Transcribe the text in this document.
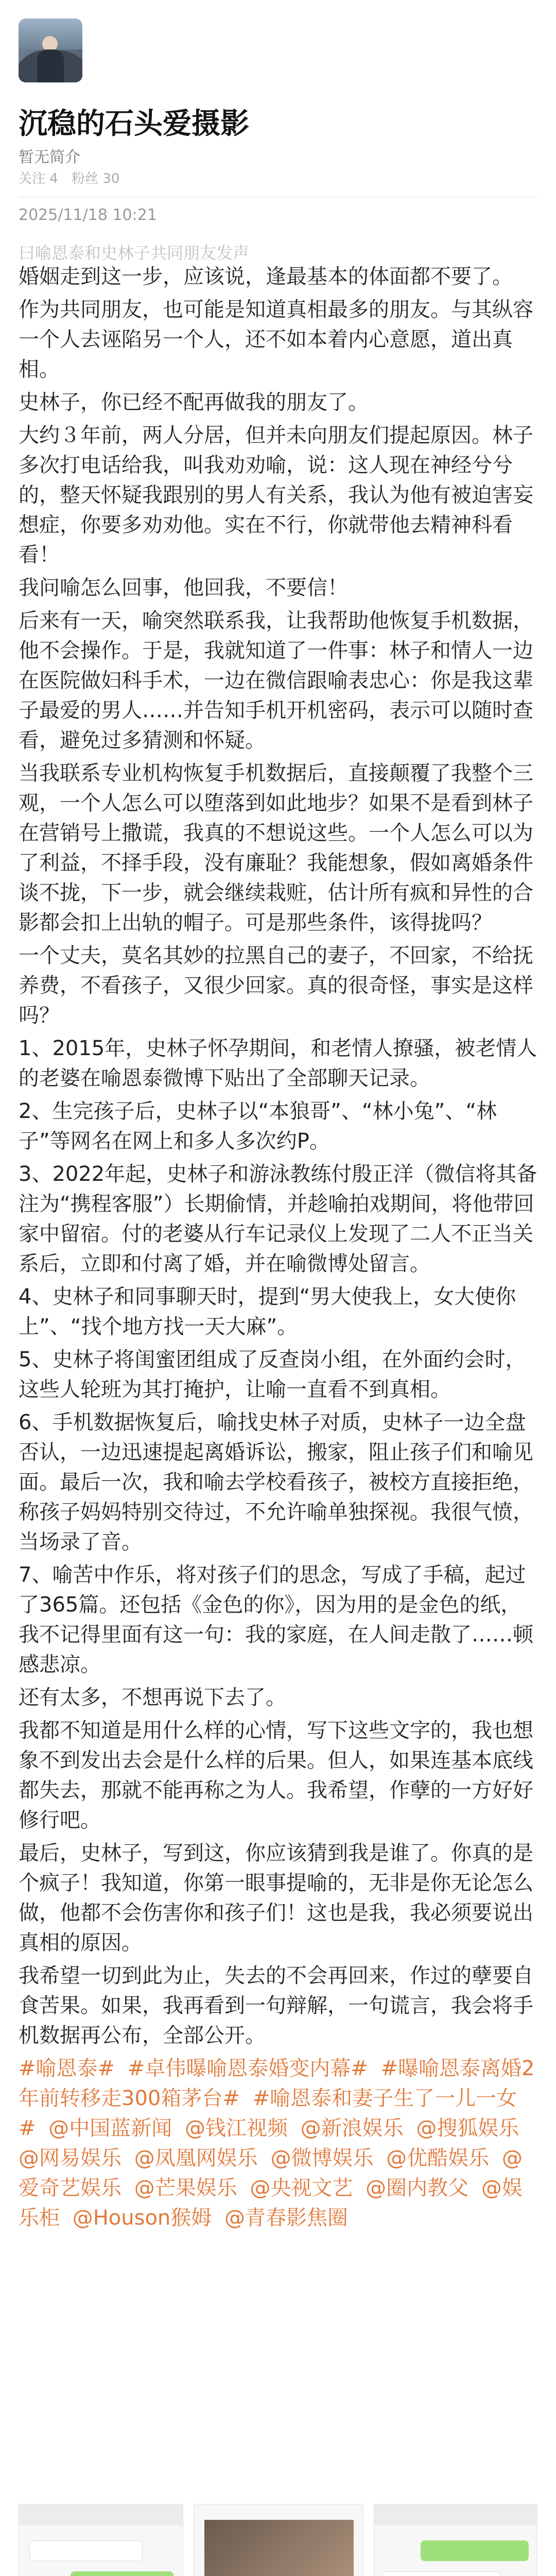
沉稳的石头爱摄影
暂无简介
关注 4 粉丝 30
2025/11/18 10:21
曰喻恩泰和史林子共同朋友发声

婚姻走到这一步，应该说，逢最基本的体面都不要了。

作为共同朋友，也可能是知道真相最多的朋友。与其纵容一个人去诬陷另一个人，还不如本着内心意愿，道出真相。

史林子，你已经不配再做我的朋友了。

大约３年前，两人分居，但并未向朋友们提起原因。林子多次打电话给我，叫我劝劝喻，说：这人现在神经兮兮的，整天怀疑我跟别的男人有关系，我认为他有被迫害妄想症，你要多劝劝他。实在不行，你就带他去精神科看看！

我问喻怎么回事，他回我，不要信！

后来有一天，喻突然联系我，让我帮助他恢复手机数据，他不会操作。于是，我就知道了一件事：林子和情人一边在医院做妇科手术，一边在微信跟喻表忠心：你是我这辈子最爱的男人……并告知手机开机密码，表示可以随时查看，避免过多猜测和怀疑。

当我联系专业机构恢复手机数据后，直接颠覆了我整个三观，一个人怎么可以堕落到如此地步？如果不是看到林子在营销号上撒谎，我真的不想说这些。一个人怎么可以为了利益，不择手段，没有廉耻？我能想象，假如离婚条件谈不拢，下一步，就会继续栽赃，估计所有疯和异性的合影都会扣上出轨的帽子。可是那些条件，该得拢吗？

一个丈夫，莫名其妙的拉黑自己的妻子，不回家，不给抚养费，不看孩子，又很少回家。真的很奇怪，事实是这样吗？

1、2015年，史林子怀孕期间，和老情人撩骚，被老情人的老婆在喻恩泰微博下贴出了全部聊天记录。

2、生完孩子后，史林子以“本狼哥”、“林小兔”、“林子”等网名在网上和多人多次约P。

3、2022年起，史林子和游泳教练付殷正洋（微信将其备注为“携程客服”）长期偷情，并趁喻拍戏期间，将他带回家中留宿。付的老婆从行车记录仪上发现了二人不正当关系后，立即和付离了婚，并在喻微博处留言。

4、史林子和同事聊天时，提到“男大使我上，女大使你上”、“找个地方找一天大麻”。

5、史林子将闺蜜团组成了反查岗小组，在外面约会时，这些人轮班为其打掩护，让喻一直看不到真相。

6、手机数据恢复后，喻找史林子对质，史林子一边全盘否认，一边迅速提起离婚诉讼，搬家，阻止孩子们和喻见面。最后一次，我和喻去学校看孩子，被校方直接拒绝，称孩子妈妈特别交待过，不允许喻单独探视。我很气愤，当场录了音。

7、喻苦中作乐，将对孩子们的思念，写成了手稿，起过了365篇。还包括《金色的你》，因为用的是金色的纸，我不记得里面有这一句：我的家庭，在人间走散了……顿感悲凉。

还有太多，不想再说下去了。

我都不知道是用什么样的心情，写下这些文字的，我也想象不到发出去会是什么样的后果。但人，如果连基本底线都失去，那就不能再称之为人。我希望，作孽的一方好好修行吧。

最后，史林子，写到这，你应该猜到我是谁了。你真的是个疯子！我知道，你第一眼事提喻的，无非是你无论怎么做，他都不会伤害你和孩子们！这也是我，我必须要说出真相的原因。

我希望一切到此为止，失去的不会再回来，作过的孽要自食苦果。如果，我再看到一句辩解，一句谎言，我会将手机数据再公布，全部公开。

#喻恩泰# #卓伟曝喻恩泰婚变内幕# #曝喻恩泰离婚2年前转移走300箱茅台# #喻恩泰和妻子生了一儿一女# @中国蓝新闻 @钱江视频 @新浪娱乐 @搜狐娱乐 @网易娱乐 @凤凰网娱乐 @微博娱乐 @优酷娱乐 @爱奇艺娱乐 @芒果娱乐 @央视文艺 @圈内教父 @娱乐柜 @Houson猴姆 @青春影焦圈
